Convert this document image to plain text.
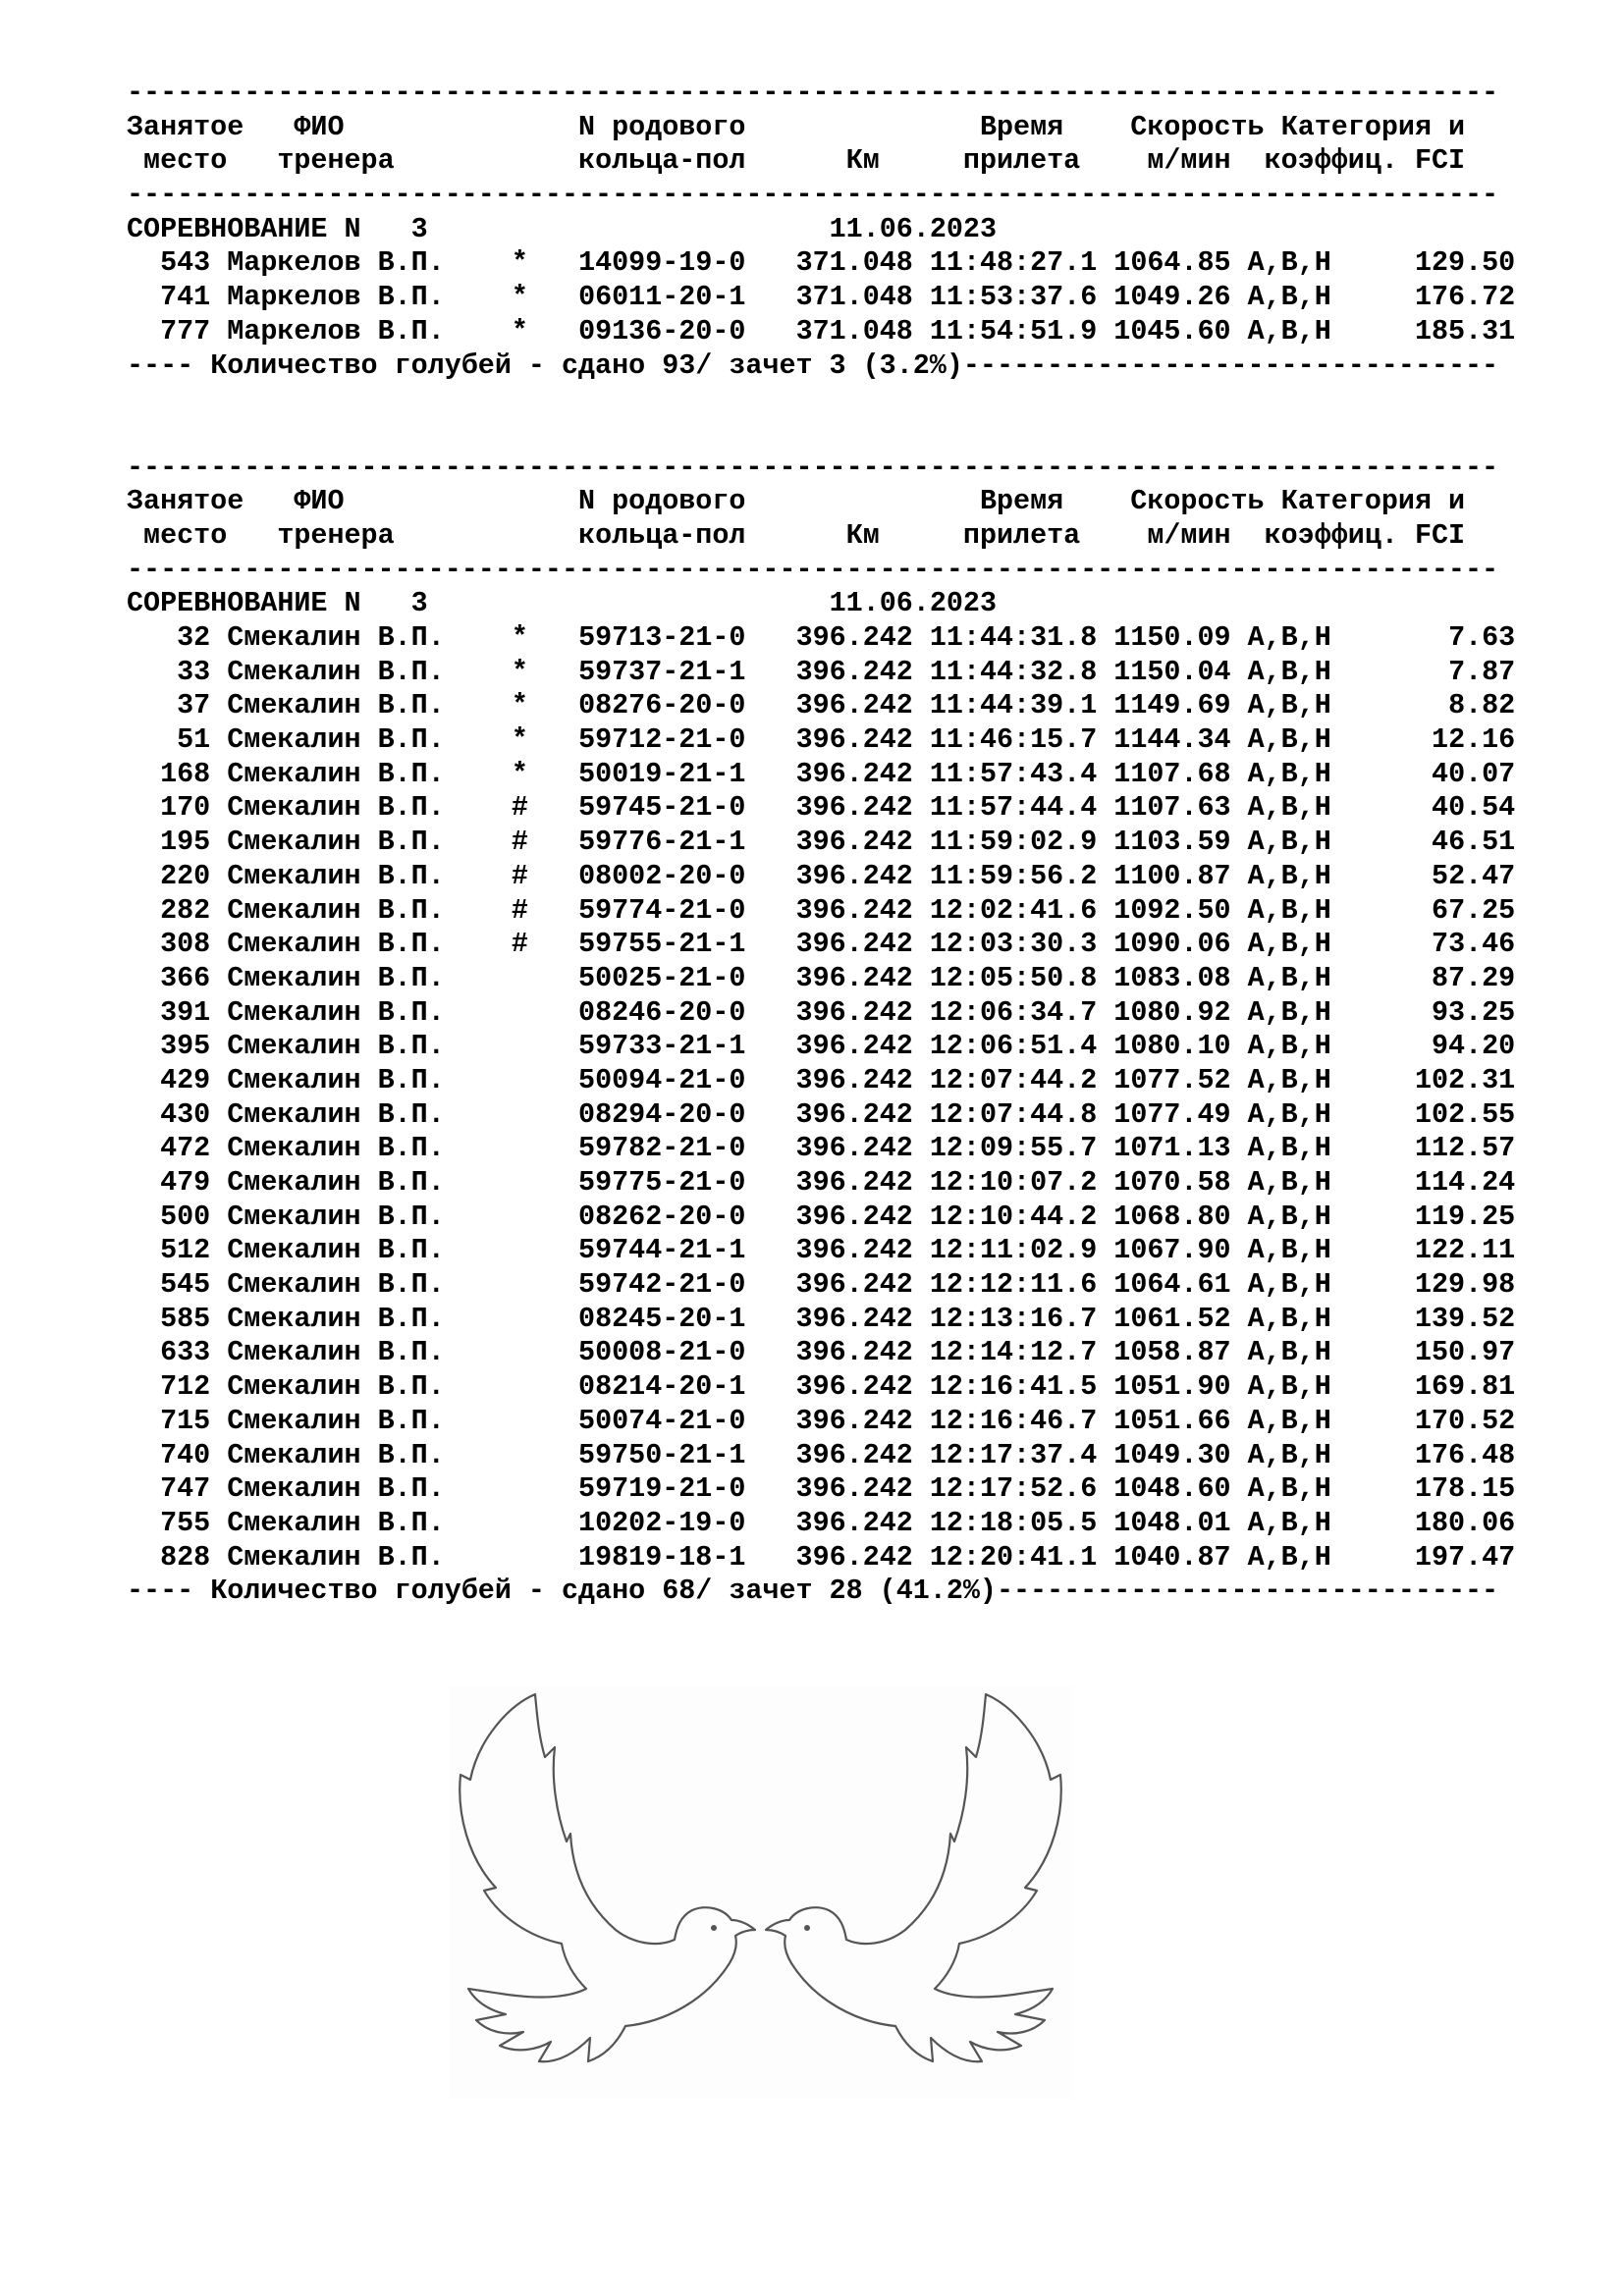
----------------------------------------------------------------------------------
Занятое ФИО	N родового	Время Скорость Категория и
место тренера	кольца-пол	Км	прилета м/мин коэффиц. FCI
----------------------------------------------------------------------------------
СОРЕВНОВАНИЕ N 3	11.06.2023
543 Маркелов В.П. * 14099-19-0 371.048 11:48:27.1 1064.85 A,B,H	129.50
741 Маркелов В.П. * 06011-20-1 371.048 11:53:37.6 1049.26 A,B,H	176.72
777 Маркелов В.П. * 09136-20-0 371.048 11:54:51.9 1045.60 A,B,H	185.31
---- Количество голубей - сдано 93/ зачет 3 (3.2%)--------------------------------
----------------------------------------------------------------------------------
Занятое ФИО	N родового	Время Скорость Категория и
место тренера	кольца-пол	Км	прилета м/мин коэффиц. FCI
----------------------------------------------------------------------------------
СОРЕВНОВАНИЕ N 3	11.06.2023
32 Смекалин В.П. * 59713-21-0 396.242 11:44:31.8 1150.09 A,B,H	7.63
33 Смекалин В.П. * 59737-21-1 396.242 11:44:32.8 1150.04 A,B,H	7.87
37 Смекалин В.П. * 08276-20-0 396.242 11:44:39.1 1149.69 A,B,H	8.82
51 Смекалин В.П. * 59712-21-0 396.242 11:46:15.7 1144.34 A,B,H	12.16
168 Смекалин В.П. * 50019-21-1 396.242 11:57:43.4 1107.68 A,B,H	40.07
170 Смекалин В.П. # 59745-21-0 396.242 11:57:44.4 1107.63 A,B,H	40.54
195 Смекалин В.П. # 59776-21-1 396.242 11:59:02.9 1103.59 A,B,H	46.51
220 Смекалин В.П. # 08002-20-0 396.242 11:59:56.2 1100.87 A,B,H	52.47
282 Смекалин В.П. # 59774-21-0 396.242 12:02:41.6 1092.50 A,B,H	67.25
308 Смекалин В.П. # 59755-21-1 396.242 12:03:30.3 1090.06 A,B,H	73.46
366 Смекалин В.П.	50025-21-0 396.242 12:05:50.8 1083.08 A,B,H	87.29
391 Смекалин В.П.	08246-20-0 396.242 12:06:34.7 1080.92 A,B,H	93.25
395 Смекалин В.П.	59733-21-1 396.242 12:06:51.4 1080.10 A,B,H	94.20
429 Смекалин В.П.	50094-21-0 396.242 12:07:44.2 1077.52 A,B,H	102.31
430 Смекалин В.П.	08294-20-0 396.242 12:07:44.8 1077.49 A,B,H	102.55
472 Смекалин В.П.	59782-21-0 396.242 12:09:55.7 1071.13 A,B,H	112.57
479 Смекалин В.П.	59775-21-0 396.242 12:10:07.2 1070.58 A,B,H	114.24
500 Смекалин В.П.	08262-20-0 396.242 12:10:44.2 1068.80 A,B,H	119.25
512 Смекалин В.П.	59744-21-1 396.242 12:11:02.9 1067.90 A,B,H	122.11
545 Смекалин В.П.	59742-21-0 396.242 12:12:11.6 1064.61 A,B,H	129.98
585 Смекалин В.П.	08245-20-1 396.242 12:13:16.7 1061.52 A,B,H	139.52
633 Смекалин В.П.	50008-21-0 396.242 12:14:12.7 1058.87 A,B,H	150.97
712 Смекалин В.П.	08214-20-1 396.242 12:16:41.5 1051.90 A,B,H	169.81
715 Смекалин В.П.	50074-21-0 396.242 12:16:46.7 1051.66 A,B,H	170.52
740 Смекалин В.П.	59750-21-1 396.242 12:17:37.4 1049.30 A,B,H	176.48
747 Смекалин В.П.	59719-21-0 396.242 12:17:52.6 1048.60 A,B,H	178.15
755 Смекалин В.П.	10202-19-0 396.242 12:18:05.5 1048.01 A,B,H	180.06
828 Смекалин В.П.	19819-18-1 396.242 12:20:41.1 1040.87 A,B,H	197.47
---- Количество голубей - сдано 68/ зачет 28 (41.2%)------------------------------
